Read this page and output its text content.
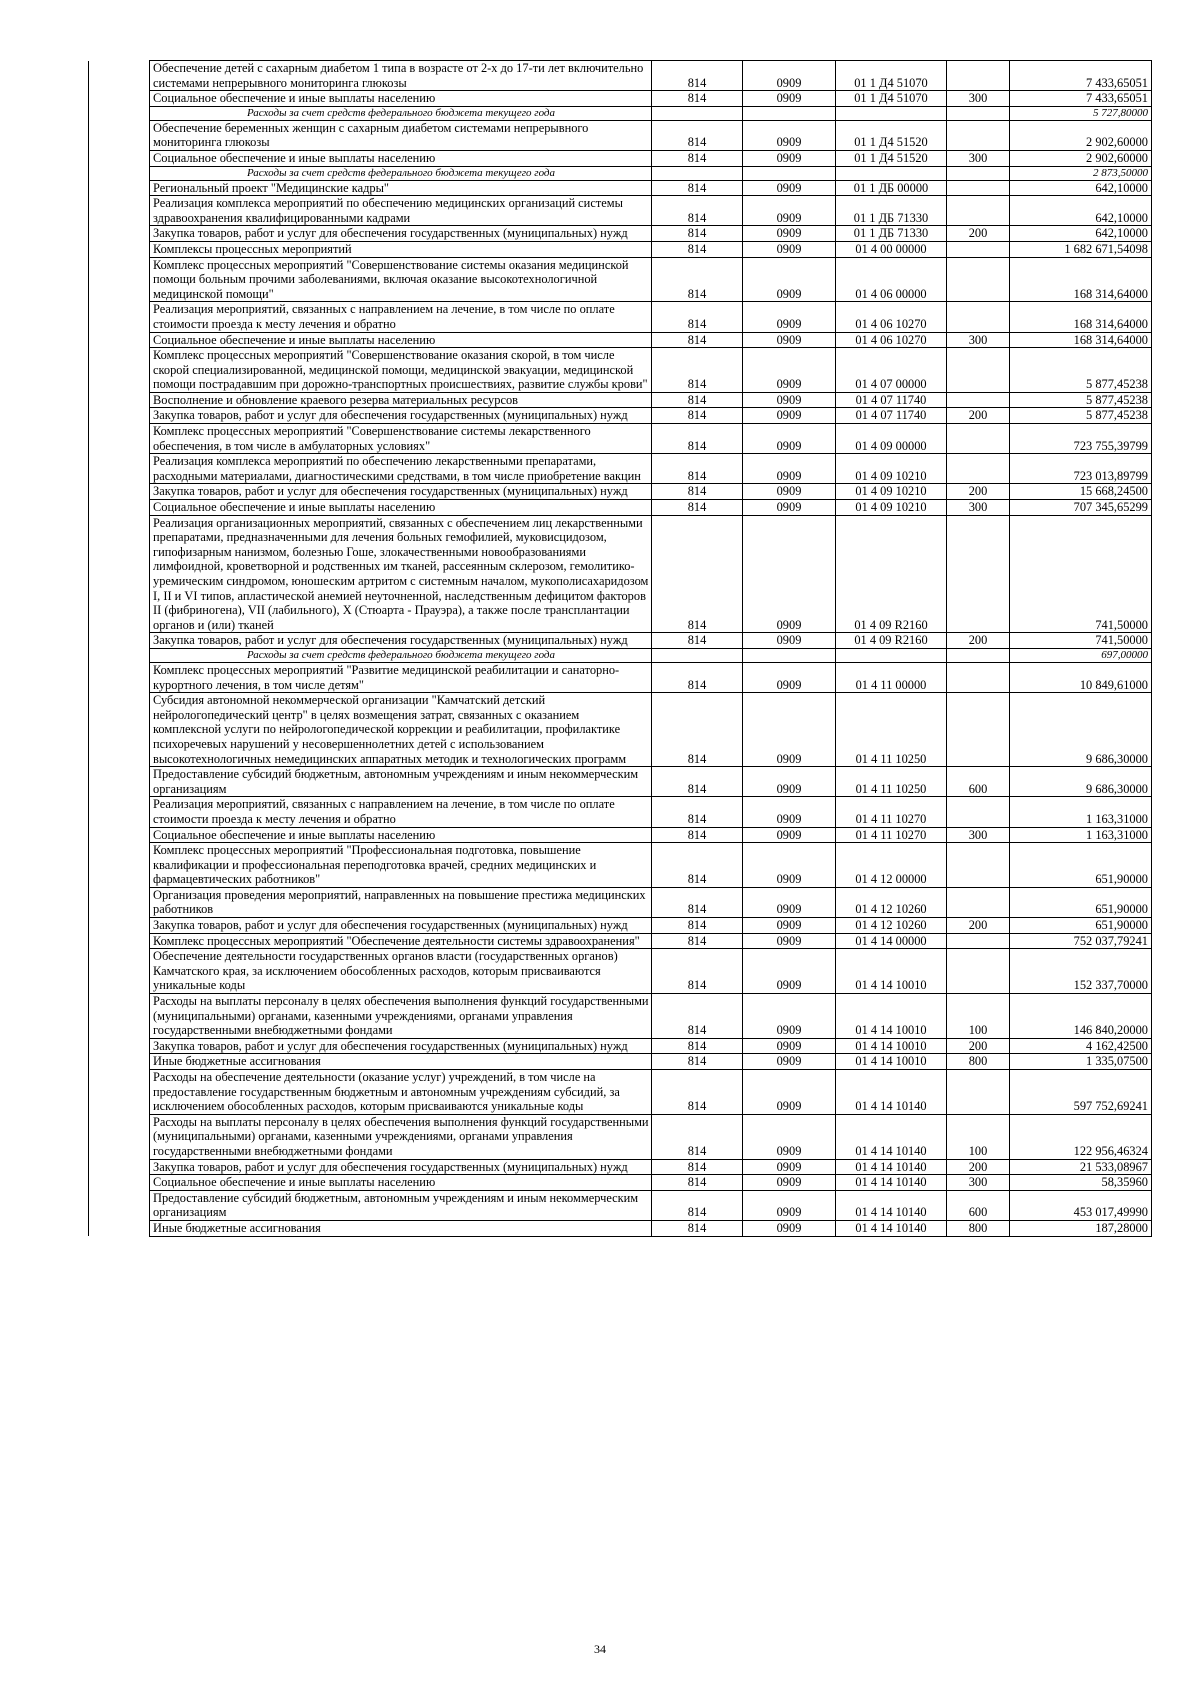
	Обеспечение детей с сахарным диабетом 1 типа в возрасте от 2-х до 17-ти лет включительно системами непрерывного мониторинга глюкозы	814	0909	01 1 Д4 51070		7 433,65051
	Социальное обеспечение и иные выплаты населению	814	0909	01 1 Д4 51070	300	7 433,65051
	Расходы за счет средств федерального бюджета текущего года					5 727,80000
	Обеспечение беременных женщин с сахарным диабетом системами непрерывного мониторинга глюкозы	814	0909	01 1 Д4 51520		2 902,60000
	Социальное обеспечение и иные выплаты населению	814	0909	01 1 Д4 51520	300	2 902,60000
	Расходы за счет средств федерального бюджета текущего года					2 873,50000
	Региональный проект "Медицинские кадры"	814	0909	01 1 ДБ 00000		642,10000
	Реализация комплекса мероприятий по обеспечению медицинских организаций системы здравоохранения квалифицированными кадрами	814	0909	01 1 ДБ 71330		642,10000
	Закупка товаров, работ и услуг для обеспечения государственных (муниципальных) нужд	814	0909	01 1 ДБ 71330	200	642,10000
	Комплексы процессных мероприятий	814	0909	01 4 00 00000		1 682 671,54098
	Комплекс процессных мероприятий "Совершенствование системы оказания медицинской помощи больным прочими заболеваниями, включая оказание высокотехнологичной медицинской помощи"	814	0909	01 4 06 00000		168 314,64000
	Реализация мероприятий, связанных с направлением на лечение, в том числе по оплате стоимости проезда к месту лечения и обратно	814	0909	01 4 06 10270		168 314,64000
	Социальное обеспечение и иные выплаты населению	814	0909	01 4 06 10270	300	168 314,64000
	Комплекс процессных мероприятий "Совершенствование оказания скорой, в том числе скорой специализированной, медицинской помощи, медицинской эвакуации, медицинской помощи пострадавшим при дорожно-транспортных происшествиях, развитие службы крови"	814	0909	01 4 07 00000		5 877,45238
	Восполнение и обновление краевого резерва материальных ресурсов	814	0909	01 4 07 11740		5 877,45238
	Закупка товаров, работ и услуг для обеспечения государственных (муниципальных) нужд	814	0909	01 4 07 11740	200	5 877,45238
	Комплекс процессных мероприятий "Совершенствование системы лекарственного обеспечения, в том числе в амбулаторных условиях"	814	0909	01 4 09 00000		723 755,39799
	Реализация комплекса мероприятий по обеспечению лекарственными препаратами, расходными материалами, диагностическими средствами, в том числе приобретение вакцин	814	0909	01 4 09 10210		723 013,89799
	Закупка товаров, работ и услуг для обеспечения государственных (муниципальных) нужд	814	0909	01 4 09 10210	200	15 668,24500
	Социальное обеспечение и иные выплаты населению	814	0909	01 4 09 10210	300	707 345,65299
	Реализация организационных мероприятий, связанных с обеспечением лиц лекарственными препаратами, предназначенными для лечения больных гемофилией, муковисцидозом, гипофизарным нанизмом, болезнью Гоше, злокачественными новообразованиями лимфоидной, кроветворной и родственных им тканей, рассеянным склерозом, гемолитико-уремическим синдромом, юношеским артритом с системным началом, мукополисахаридозом I, II и VI типов, апластической анемией неуточненной, наследственным дефицитом факторов II (фибриногена), VII (лабильного), X (Стюарта - Прауэра), а также после трансплантации органов и (или) тканей	814	0909	01 4 09 R2160		741,50000
	Закупка товаров, работ и услуг для обеспечения государственных (муниципальных) нужд	814	0909	01 4 09 R2160	200	741,50000
	Расходы за счет средств федерального бюджета текущего года					697,00000
	Комплекс процессных мероприятий "Развитие медицинской реабилитации и санаторно-курортного лечения, в том числе детям"	814	0909	01 4 11 00000		10 849,61000
	Субсидия автономной некоммерческой организации "Камчатский детский нейрологопедический центр" в целях возмещения затрат, связанных с оказанием комплексной услуги по нейрологопедической коррекции и реабилитации, профилактике психоречевых нарушений у несовершеннолетних детей с использованием высокотехнологичных немедицинских аппаратных методик и технологических программ	814	0909	01 4 11 10250		9 686,30000
	Предоставление субсидий бюджетным, автономным учреждениям и иным некоммерческим организациям	814	0909	01 4 11 10250	600	9 686,30000
	Реализация мероприятий, связанных с направлением на лечение, в том числе по оплате стоимости проезда к месту лечения и обратно	814	0909	01 4 11 10270		1 163,31000
	Социальное обеспечение и иные выплаты населению	814	0909	01 4 11 10270	300	1 163,31000
	Комплекс процессных мероприятий "Профессиональная подготовка, повышение квалификации и профессиональная переподготовка врачей, средних медицинских и фармацевтических работников"	814	0909	01 4 12 00000		651,90000
	Организация проведения мероприятий, направленных на повышение престижа медицинских работников	814	0909	01 4 12 10260		651,90000
	Закупка товаров, работ и услуг для обеспечения государственных (муниципальных) нужд	814	0909	01 4 12 10260	200	651,90000
	Комплекс процессных мероприятий "Обеспечение деятельности системы здравоохранения"	814	0909	01 4 14 00000		752 037,79241
	Обеспечение деятельности государственных органов власти (государственных органов) Камчатского края, за исключением обособленных расходов, которым присваиваются уникальные коды	814	0909	01 4 14 10010		152 337,70000
	Расходы на выплаты персоналу в целях обеспечения выполнения функций государственными (муниципальными) органами, казенными учреждениями, органами управления государственными внебюджетными фондами	814	0909	01 4 14 10010	100	146 840,20000
	Закупка товаров, работ и услуг для обеспечения государственных (муниципальных) нужд	814	0909	01 4 14 10010	200	4 162,42500
	Иные бюджетные ассигнования	814	0909	01 4 14 10010	800	1 335,07500
	Расходы на обеспечение деятельности (оказание услуг) учреждений, в том числе на предоставление государственным бюджетным и автономным учреждениям субсидий, за исключением обособленных расходов, которым присваиваются уникальные коды	814	0909	01 4 14 10140		597 752,69241
	Расходы на выплаты персоналу в целях обеспечения выполнения функций государственными (муниципальными) органами, казенными учреждениями, органами управления государственными внебюджетными фондами	814	0909	01 4 14 10140	100	122 956,46324
	Закупка товаров, работ и услуг для обеспечения государственных (муниципальных) нужд	814	0909	01 4 14 10140	200	21 533,08967
	Социальное обеспечение и иные выплаты населению	814	0909	01 4 14 10140	300	58,35960
	Предоставление субсидий бюджетным, автономным учреждениям и иным некоммерческим организациям	814	0909	01 4 14 10140	600	453 017,49990
	Иные бюджетные ассигнования	814	0909	01 4 14 10140	800	187,28000
34
